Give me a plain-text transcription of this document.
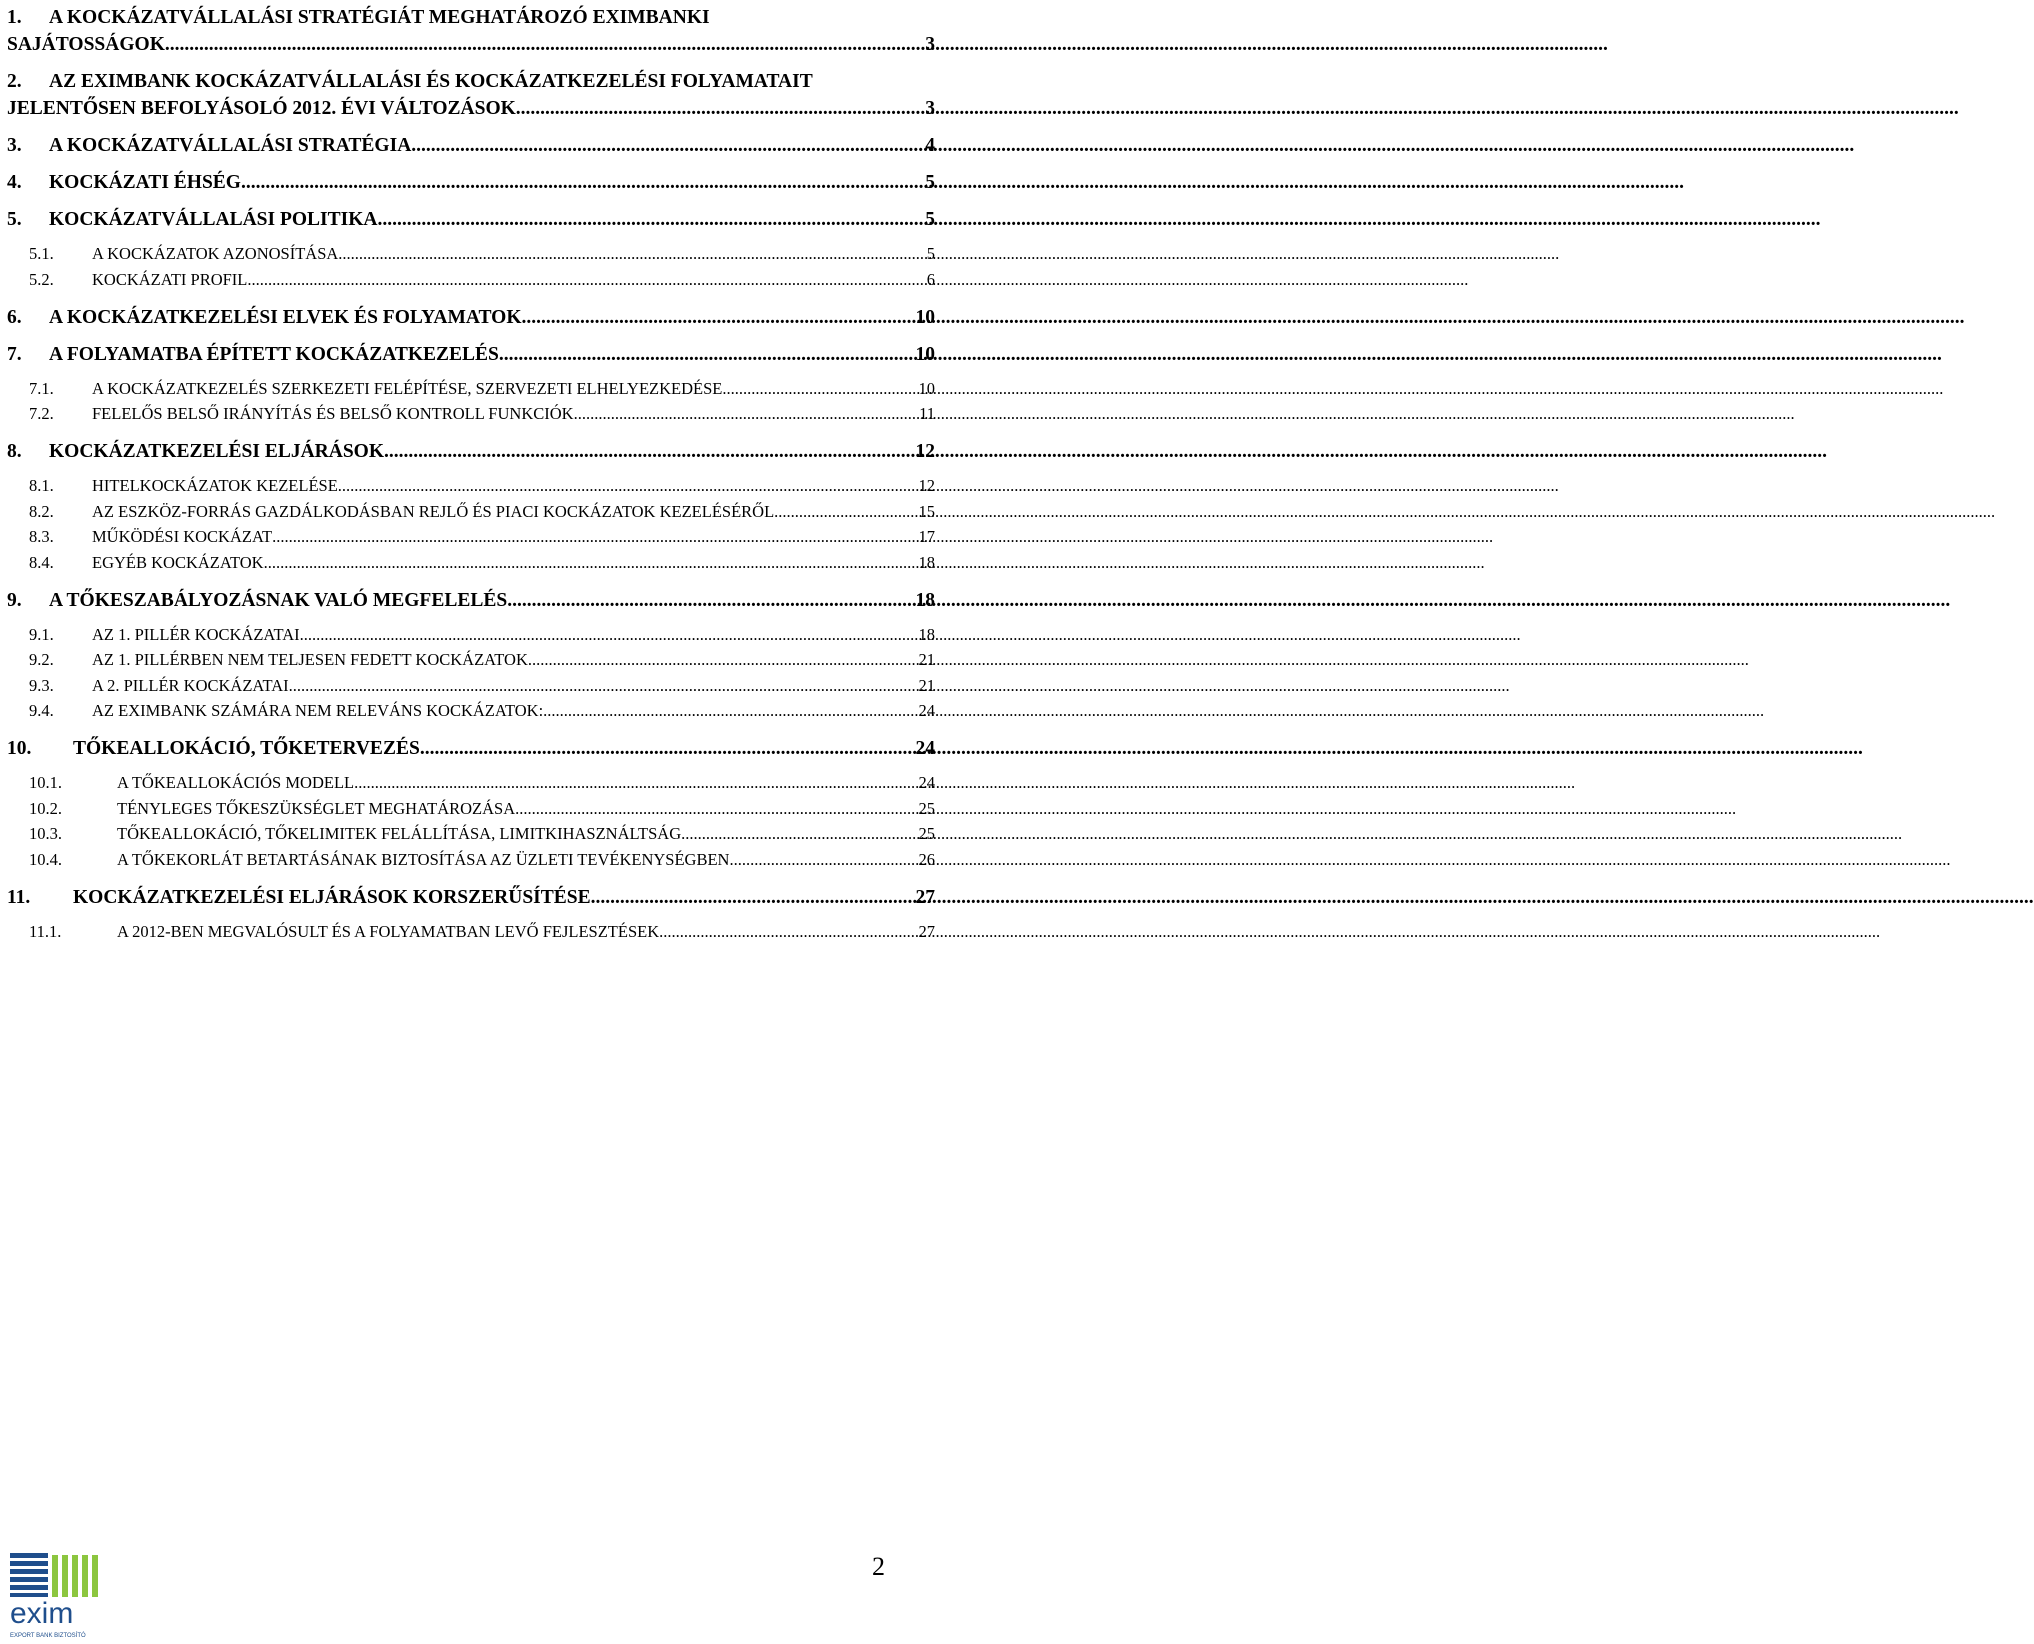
1. A KOCKÁZATVÁLLALÁSI STRATÉGIÁT MEGHATÁROZÓ EXIMBANKI
SAJÁTOSSÁGOK .....	3
2. AZ EXIMBANK KOCKÁZATVÁLLALÁSI ÉS KOCKÁZATKEZELÉSI FOLYAMATAIT
JELENTŐSEN BEFOLYÁSOLÓ 2012. ÉVI VÁLTOZÁSOK .....	3
3.	A KOCKÁZATVÁLLALÁSI STRATÉGIA .....	4
4.	KOCKÁZATI ÉHSÉG .....	5
5.	KOCKÁZATVÁLLALÁSI POLITIKA .....	5
5.1.	A KOCKÁZATOK AZONOSÍTÁSA .....	5
5.2.	KOCKÁZATI PROFIL .....	6
6.	A KOCKÁZATKEZELÉSI ELVEK ÉS FOLYAMATOK .....	10
7.	A FOLYAMATBA ÉPÍTETT KOCKÁZATKEZELÉS .....	10
7.1.	A KOCKÁZATKEZELÉS SZERKEZETI FELÉPÍTÉSE, SZERVEZETI ELHELYEZKEDÉSE .....	10
7.2.	FELELŐS BELSŐ IRÁNYÍTÁS ÉS BELSŐ KONTROLL FUNKCIÓK .....	11
8.	KOCKÁZATKEZELÉSI ELJÁRÁSOK .....	12
8.1.	HITELKOCKÁZATOK KEZELÉSE .....	12
8.2.	AZ ESZKÖZ-FORRÁS GAZDÁLKODÁSBAN REJLŐ ÉS PIACI KOCKÁZATOK KEZELÉSÉRŐL .....	15
8.3.	MŰKÖDÉSI KOCKÁZAT .....	17
8.4.	EGYÉB KOCKÁZATOK .....	18
9.	A TŐKESZABÁLYOZÁSNAK VALÓ MEGFELELÉS .....	18
9.1.	AZ 1. PILLÉR KOCKÁZATAI .....	18
9.2.	AZ 1. PILLÉRBEN NEM TELJESEN FEDETT KOCKÁZATOK .....	21
9.3.	A 2. PILLÉR KOCKÁZATAI .....	21
9.4.	AZ EXIMBANK SZÁMÁRA NEM RELEVÁNS KOCKÁZATOK: .....	24
10.	TŐKEALLOKÁCIÓ, TŐKETERVEZÉS .....	24
10.1.	A TŐKEALLOKÁCIÓS MODELL .....	24
10.2.	TÉNYLEGES TŐKESZÜKSÉGLET MEGHATÁROZÁSA .....	25
10.3.	TŐKEALLOKÁCIÓ, TŐKELIMITEK FELÁLLÍTÁSA, LIMITKIHASZNÁLTSÁG .....	25
10.4.	A TŐKEKORLÁT BETARTÁSÁNAK BIZTOSÍTÁSA AZ ÜZLETI TEVÉKENYSÉGBEN .....	26
11.	KOCKÁZATKEZELÉSI ELJÁRÁSOK KORSZERŰSÍTÉSE .....	27
11.1.	A 2012-BEN MEGVALÓSULT ÉS A FOLYAMATBAN LEVŐ FEJLESZTÉSEK .....	27
exim
EXPORT BANK BIZTOSÍTÓ
2
